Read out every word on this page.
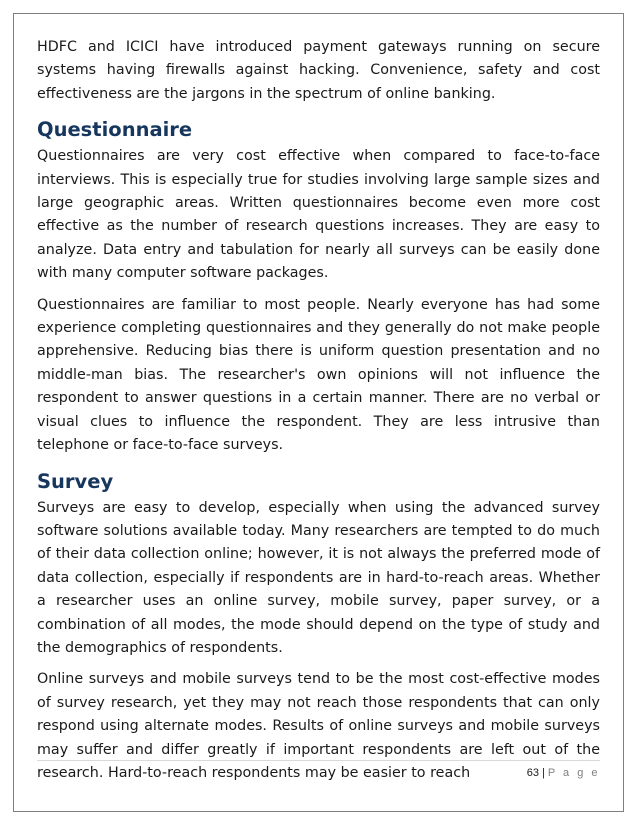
HDFC and ICICI have introduced payment gateways running on secure systems having firewalls against hacking. Convenience, safety and cost effectiveness are the jargons in the spectrum of online banking.

Questionnaire

Questionnaires are very cost effective when compared to face-to-face interviews. This is especially true for studies involving large sample sizes and large geographic areas. Written questionnaires become even more cost effective as the number of research questions increases. They are easy to analyze. Data entry and tabulation for nearly all surveys can be easily done with many computer software packages.

Questionnaires are familiar to most people. Nearly everyone has had some experience completing questionnaires and they generally do not make people apprehensive. Reducing bias there is uniform question presentation and no middle-man bias. The researcher's own opinions will not influence the respondent to answer questions in a certain manner. There are no verbal or visual clues to influence the respondent. They are less intrusive than telephone or face-to-face surveys.

Survey

Surveys are easy to develop, especially when using the advanced survey software solutions available today. Many researchers are tempted to do much of their data collection online; however, it is not always the preferred mode of data collection, especially if respondents are in hard-to-reach areas. Whether a researcher uses an online survey, mobile survey, paper survey, or a combination of all modes, the mode should depend on the type of study and the demographics of respondents.

Online surveys and mobile surveys tend to be the most cost-effective modes of survey research, yet they may not reach those respondents that can only respond using alternate modes. Results of online surveys and mobile surveys may suffer and differ greatly if important respondents are left out of the research. Hard-to-reach respondents may be easier to reach	63 | P a g e
